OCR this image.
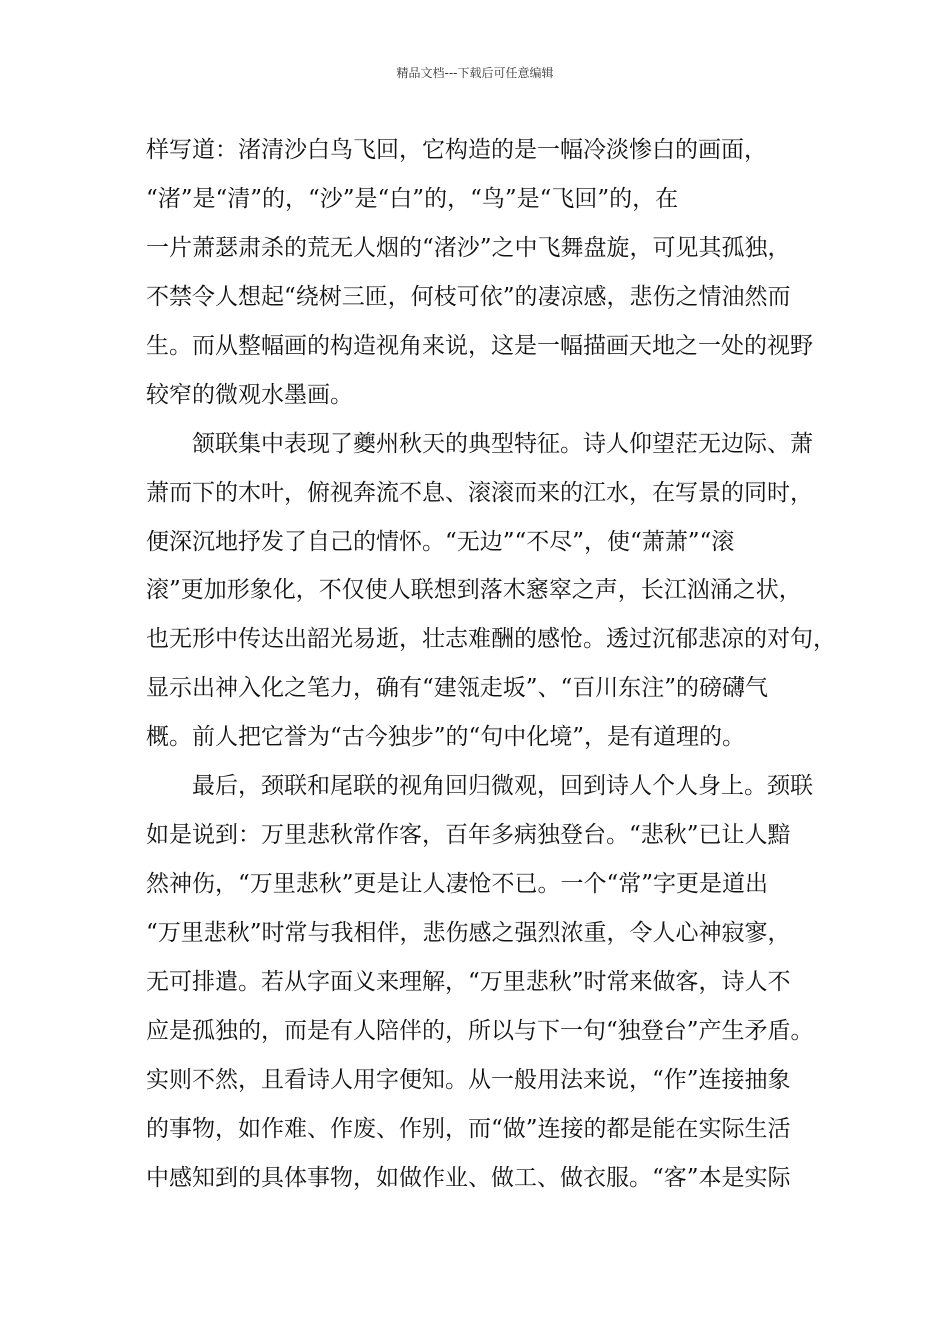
精品文档---下载后可任意编辑
样写道：渚清沙白鸟飞回，它构造的是一幅冷淡惨白的画面，
“渚”是“清”的，“沙”是“白”的，“鸟”是“飞回”的，在
一片萧瑟肃杀的荒无人烟的“渚沙”之中飞舞盘旋，可见其孤独，
不禁令人想起“绕树三匝，何枝可依”的凄凉感，悲伤之情油然而
生。而从整幅画的构造视角来说，这是一幅描画天地之一处的视野
较窄的微观水墨画。
颔联集中表现了夔州秋天的典型特征。诗人仰望茫无边际、萧
萧而下的木叶，俯视奔流不息、滚滚而来的江水，在写景的同时，
便深沉地抒发了自己的情怀。“无边”“不尽”，使“萧萧”“滚
滚”更加形象化，不仅使人联想到落木窸窣之声，长江汹涌之状，
也无形中传达出韶光易逝，壮志难酬的感怆。透过沉郁悲凉的对句，
显示出神入化之笔力，确有“建瓴走坂”、“百川东注”的磅礴气
概。前人把它誉为“古今独步”的“句中化境”，是有道理的。
最后，颈联和尾联的视角回归微观，回到诗人个人身上。颈联
如是说到：万里悲秋常作客，百年多病独登台。“悲秋”已让人黯
然神伤，“万里悲秋”更是让人凄怆不已。一个“常”字更是道出
“万里悲秋”时常与我相伴，悲伤感之强烈浓重，令人心神寂寥，
无可排遣。若从字面义来理解，“万里悲秋”时常来做客，诗人不
应是孤独的，而是有人陪伴的，所以与下一句“独登台”产生矛盾。
实则不然，且看诗人用字便知。从一般用法来说，“作”连接抽象
的事物，如作难、作废、作别，而“做”连接的都是能在实际生活
中感知到的具体事物，如做作业、做工、做衣服。“客”本是实际
